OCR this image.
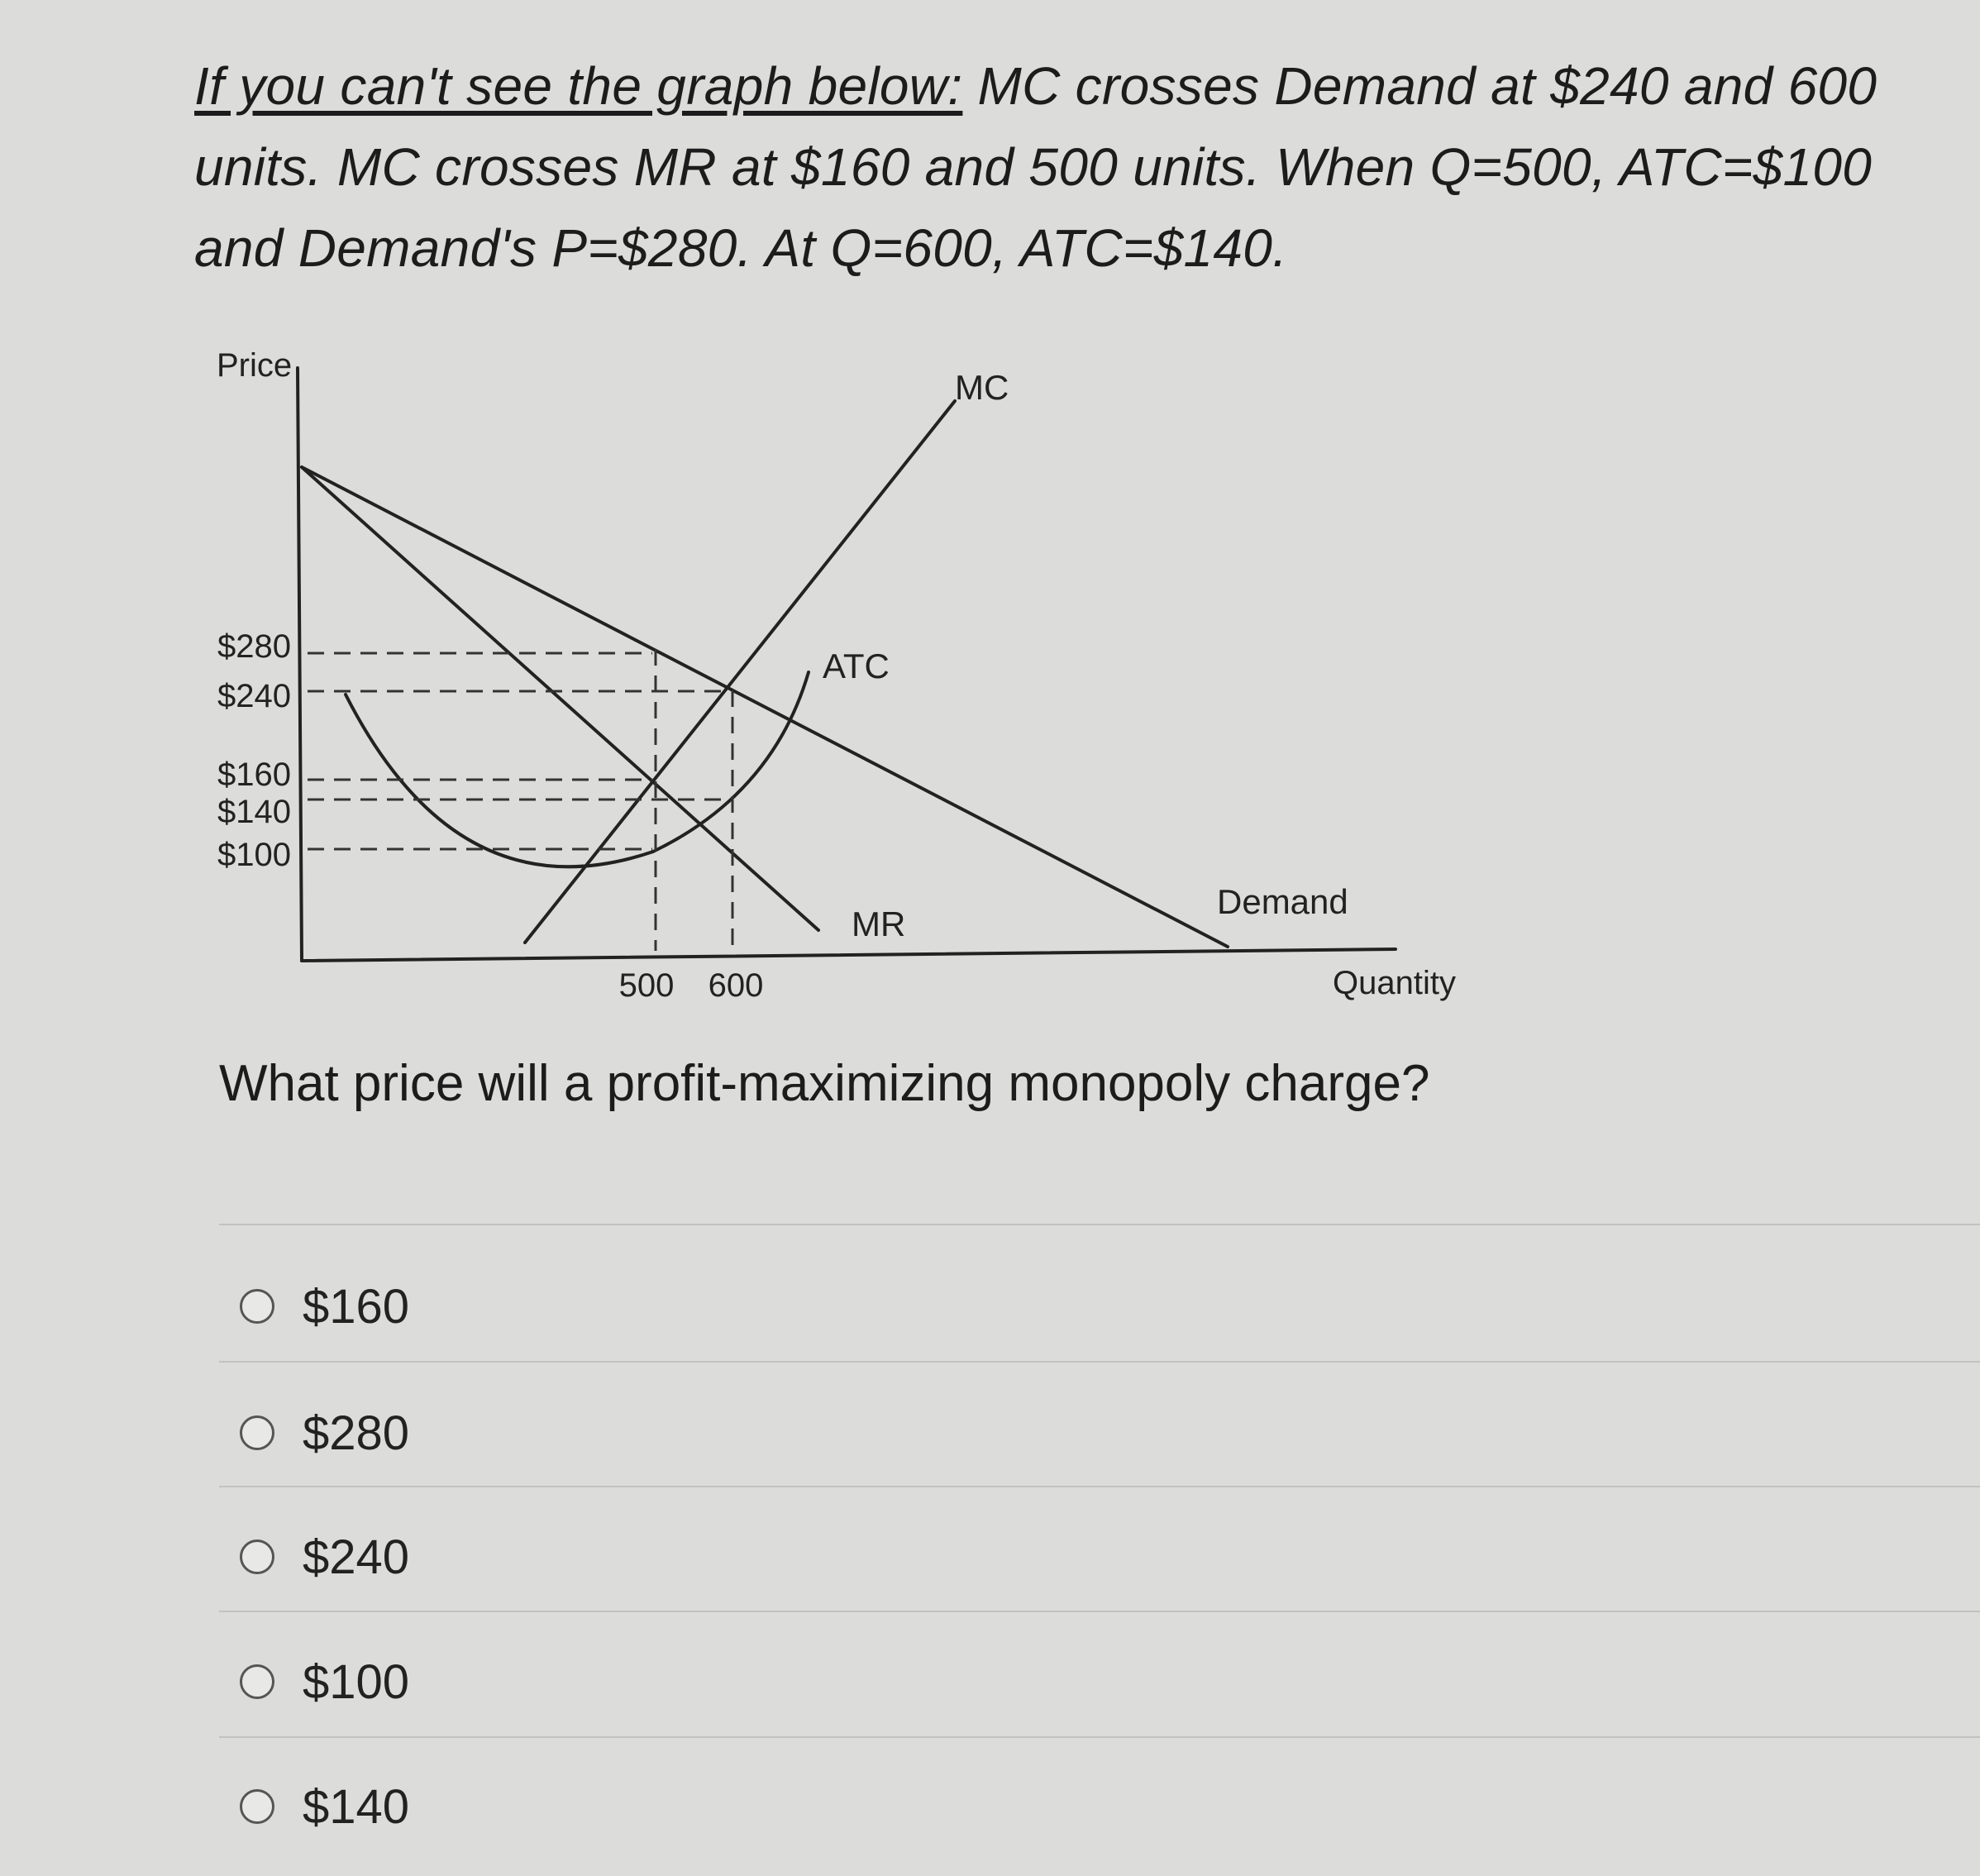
If you can't see the graph below: MC crosses Demand at $240 and 600 units. MC crosses MR at $160 and 500 units. When Q=500, ATC=$100 and Demand's P=$280. At Q=600, ATC=$140.
Price
$280
$240
$160
$140
$100
500 600	Quantity
MC
ATC
MR
Demand
What price will a profit-maximizing monopoly charge?
$160
$280
$240
$100
$140
